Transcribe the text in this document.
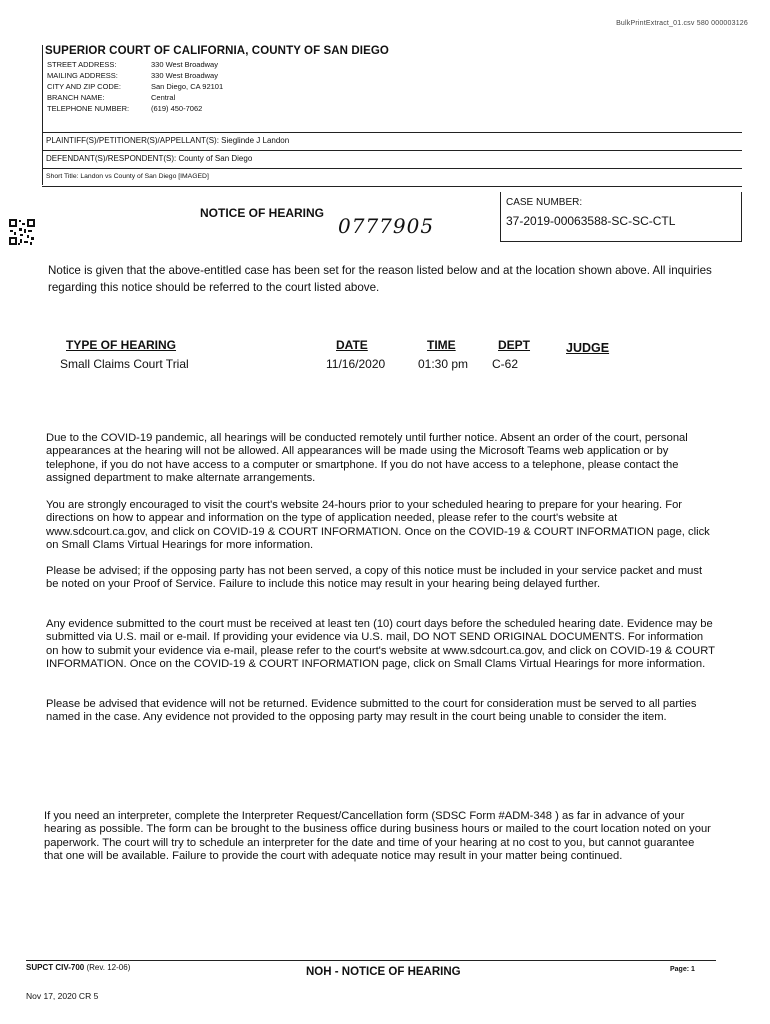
BulkPrintExtract_01.csv 580 000003126
SUPERIOR COURT OF CALIFORNIA, COUNTY OF SAN DIEGO
STREET ADDRESS:	330 West Broadway
MAILING ADDRESS:	330 West Broadway
CITY AND ZIP CODE:	San Diego, CA 92101
BRANCH NAME:	Central
TELEPHONE NUMBER:	(619) 450-7062
PLAINTIFF(S)/PETITIONER(S)/APPELLANT(S): Sieglinde J Landon
DEFENDANT(S)/RESPONDENT(S): County of San Diego
Short Title: Landon vs County of San Diego [IMAGED]
NOTICE OF HEARING
0777905
CASE NUMBER:
37-2019-00063588-SC-SC-CTL
Notice is given that the above-entitled case has been set for the reason listed below and at the location shown above. All inquiries regarding this notice should be referred to the court listed above.
TYPE OF HEARING	DATE	TIME	DEPT	JUDGE
Small Claims Court Trial	11/16/2020	01:30 pm C-62
Due to the COVID-19 pandemic, all hearings will be conducted remotely until further notice. Absent an order of the court, personal appearances at the hearing will not be allowed. All appearances will be made using the Microsoft Teams web application or by telephone, if you do not have access to a computer or smartphone. If you do not have access to a telephone, please contact the assigned department to make alternate arrangements.
You are strongly encouraged to visit the court's website 24-hours prior to your scheduled hearing to prepare for your hearing. For directions on how to appear and information on the type of application needed, please refer to the court's website at www.sdcourt.ca.gov, and click on COVID-19 & COURT INFORMATION. Once on the COVID-19 & COURT INFORMATION page, click on Small Clams Virtual Hearings for more information.
Please be advised; if the opposing party has not been served, a copy of this notice must be included in your service packet and must be noted on your Proof of Service. Failure to include this notice may result in your hearing being delayed further.
Any evidence submitted to the court must be received at least ten (10) court days before the scheduled hearing date. Evidence may be submitted via U.S. mail or e-mail. If providing your evidence via U.S. mail, DO NOT SEND ORIGINAL DOCUMENTS. For information on how to submit your evidence via e-mail, please refer to the court's website at www.sdcourt.ca.gov, and click on COVID-19 & COURT INFORMATION. Once on the COVID-19 & COURT INFORMATION page, click on Small Clams Virtual Hearings for more information.
Please be advised that evidence will not be returned. Evidence submitted to the court for consideration must be served to all parties named in the case. Any evidence not provided to the opposing party may result in the court being unable to consider the item.
If you need an interpreter, complete the Interpreter Request/Cancellation form (SDSC Form #ADM-348 ) as far in advance of your hearing as possible. The form can be brought to the business office during business hours or mailed to the court location noted on your paperwork. The court will try to schedule an interpreter for the date and time of your hearing at no cost to you, but cannot guarantee that one will be available. Failure to provide the court with adequate notice may result in your matter being continued.
SUPCT CIV-700 (Rev. 12-06)	NOH - NOTICE OF HEARING	Page: 1
Nov 17, 2020 CR 5
